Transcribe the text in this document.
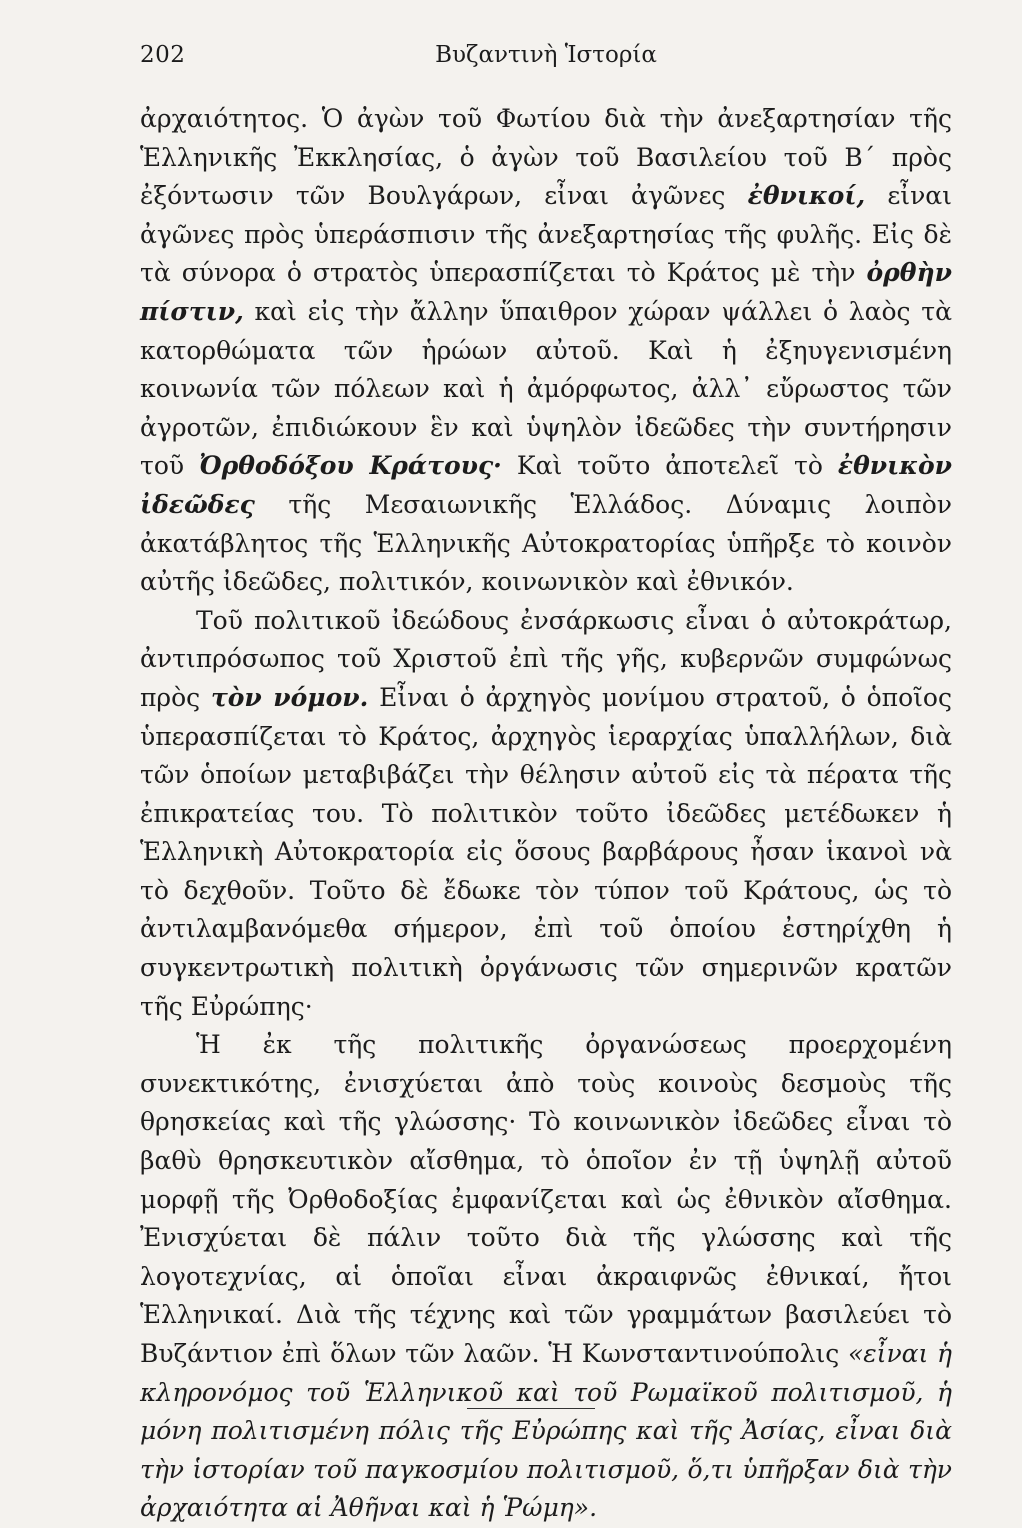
202	Βυζαντινὴ Ἱστορία

ἀρχαιότητος. Ὁ ἀγὼν τοῦ Φωτίου διὰ τὴν ἀνεξαρτησίαν τῆς Ἑλληνικῆς Ἐκκλησίας, ὁ ἀγὼν τοῦ Βασιλείου τοῦ Β΄ πρὸς ἐξόντωσιν τῶν Βουλγάρων, εἶναι ἀγῶνες ἐθνικοί, εἶναι ἀγῶνες πρὸς ὑπεράσπισιν τῆς ἀνεξαρτησίας τῆς φυλῆς. Εἰς δὲ τὰ σύνορα ὁ στρατὸς ὑπερασπίζεται τὸ Κράτος μὲ τὴν ὀρθὴν πίστιν, καὶ εἰς τὴν ἄλλην ὕπαιθρον χώραν ψάλλει ὁ λαὸς τὰ κατορθώματα τῶν ἡρώων αὐτοῦ. Καὶ ἡ ἐξηυγενισμένη κοινωνία τῶν πόλεων καὶ ἡ ἀμόρφωτος, ἀλλ᾽ εὔρωστος τῶν ἀγροτῶν, ἐπιδιώκουν ἓν καὶ ὑψηλὸν ἰδεῶδες τὴν συντήρησιν τοῦ Ὀρθοδόξου Κράτους· Καὶ τοῦτο ἀποτελεῖ τὸ ἐθνικὸν ἰδεῶδες τῆς Μεσαιωνικῆς Ἑλλάδος. Δύναμις λοιπὸν ἀκατάβλητος τῆς Ἑλληνικῆς Αὐτοκρατορίας ὑπῆρξε τὸ κοινὸν αὐτῆς ἰδεῶδες, πολιτικόν, κοινωνικὸν καὶ ἐθνικόν.

Τοῦ πολιτικοῦ ἰδεώδους ἐνσάρκωσις εἶναι ὁ αὐτοκράτωρ, ἀντιπρόσωπος τοῦ Χριστοῦ ἐπὶ τῆς γῆς, κυβερνῶν συμφώνως πρὸς τὸν νόμον. Εἶναι ὁ ἀρχηγὸς μονίμου στρατοῦ, ὁ ὁποῖος ὑπερασπίζεται τὸ Κράτος, ἀρχηγὸς ἱεραρχίας ὑπαλλήλων, διὰ τῶν ὁποίων μεταβιβάζει τὴν θέλησιν αὐτοῦ εἰς τὰ πέρατα τῆς ἐπικρατείας του. Τὸ πολιτικὸν τοῦτο ἰδεῶδες μετέδωκεν ἡ Ἑλληνικὴ Αὐτοκρατορία εἰς ὅσους βαρβάρους ἦσαν ἱκανοὶ νὰ τὸ δεχθοῦν. Τοῦτο δὲ ἔδωκε τὸν τύπον τοῦ Κράτους, ὡς τὸ ἀντιλαμβανόμεθα σήμερον, ἐπὶ τοῦ ὁποίου ἐστηρίχθη ἡ συγκεντρωτικὴ πολιτικὴ ὀργάνωσις τῶν σημερινῶν κρατῶν τῆς Εὐρώπης·

Ἡ ἐκ τῆς πολιτικῆς ὀργανώσεως προερχομένη συνεκτικότης, ἐνισχύεται ἀπὸ τοὺς κοινοὺς δεσμοὺς τῆς θρησκείας καὶ τῆς γλώσσης· Τὸ κοινωνικὸν ἰδεῶδες εἶναι τὸ βαθὺ θρησκευτικὸν αἴσθημα, τὸ ὁποῖον ἐν τῇ ὑψηλῇ αὐτοῦ μορφῇ τῆς Ὀρθοδοξίας ἐμφανίζεται καὶ ὡς ἐθνικὸν αἴσθημα. Ἐνισχύεται δὲ πάλιν τοῦτο διὰ τῆς γλώσσης καὶ τῆς λογοτεχνίας, αἱ ὁποῖαι εἶναι ἀκραιφνῶς ἐθνικαί, ἤτοι Ἑλληνικαί. Διὰ τῆς τέχνης καὶ τῶν γραμμάτων βασιλεύει τὸ Βυζάντιον ἐπὶ ὅλων τῶν λαῶν. Ἡ Κωνσταντινούπολις «εἶναι ἡ κληρονόμος τοῦ Ἑλληνικοῦ καὶ τοῦ Ρωμαϊκοῦ πολιτισμοῦ, ἡ μόνη πολιτισμένη πόλις τῆς Εὐρώπης καὶ τῆς Ἀσίας, εἶναι διὰ τὴν ἱστορίαν τοῦ παγκοσμίου πολιτισμοῦ, ὅ,τι ὑπῆρξαν διὰ τὴν ἀρχαιότητα αἱ Ἀθῆναι καὶ ἡ Ῥώμη».
